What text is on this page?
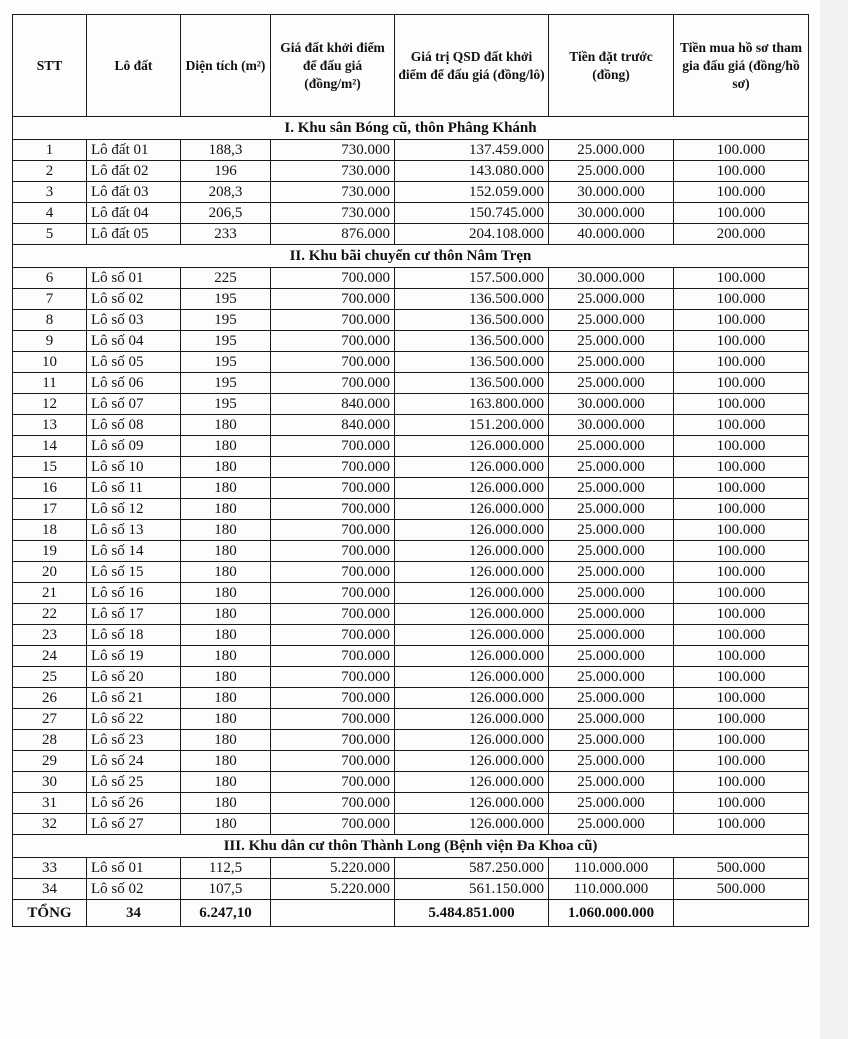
STT	Lô đất	Diện tích (m²)	Giá đất khởi điểm để đấu giá (đồng/m²)	Giá trị QSD đất khởi điểm để đấu giá (đồng/lô)	Tiền đặt trước (đồng)	Tiền mua hồ sơ tham gia đấu giá (đồng/hồ sơ)
I. Khu sân Bóng cũ, thôn Phâng Khánh						
1	Lô đất 01	188,3	730.000	137.459.000	25.000.000	100.000
2	Lô đất 02	196	730.000	143.080.000	25.000.000	100.000
3	Lô đất 03	208,3	730.000	152.059.000	30.000.000	100.000
4	Lô đất 04	206,5	730.000	150.745.000	30.000.000	100.000
5	Lô đất 05	233	876.000	204.108.000	40.000.000	200.000
II. Khu bãi chuyển cư thôn Nâm Trẹn						
6	Lô số 01	225	700.000	157.500.000	30.000.000	100.000
7	Lô số 02	195	700.000	136.500.000	25.000.000	100.000
8	Lô số 03	195	700.000	136.500.000	25.000.000	100.000
9	Lô số 04	195	700.000	136.500.000	25.000.000	100.000
10	Lô số 05	195	700.000	136.500.000	25.000.000	100.000
11	Lô số 06	195	700.000	136.500.000	25.000.000	100.000
12	Lô số 07	195	840.000	163.800.000	30.000.000	100.000
13	Lô số 08	180	840.000	151.200.000	30.000.000	100.000
14	Lô số 09	180	700.000	126.000.000	25.000.000	100.000
15	Lô số 10	180	700.000	126.000.000	25.000.000	100.000
16	Lô số 11	180	700.000	126.000.000	25.000.000	100.000
17	Lô số 12	180	700.000	126.000.000	25.000.000	100.000
18	Lô số 13	180	700.000	126.000.000	25.000.000	100.000
19	Lô số 14	180	700.000	126.000.000	25.000.000	100.000
20	Lô số 15	180	700.000	126.000.000	25.000.000	100.000
21	Lô số 16	180	700.000	126.000.000	25.000.000	100.000
22	Lô số 17	180	700.000	126.000.000	25.000.000	100.000
23	Lô số 18	180	700.000	126.000.000	25.000.000	100.000
24	Lô số 19	180	700.000	126.000.000	25.000.000	100.000
25	Lô số 20	180	700.000	126.000.000	25.000.000	100.000
26	Lô số 21	180	700.000	126.000.000	25.000.000	100.000
27	Lô số 22	180	700.000	126.000.000	25.000.000	100.000
28	Lô số 23	180	700.000	126.000.000	25.000.000	100.000
29	Lô số 24	180	700.000	126.000.000	25.000.000	100.000
30	Lô số 25	180	700.000	126.000.000	25.000.000	100.000
31	Lô số 26	180	700.000	126.000.000	25.000.000	100.000
32	Lô số 27	180	700.000	126.000.000	25.000.000	100.000
III. Khu dân cư thôn Thành Long (Bệnh viện Đa Khoa cũ)						
33	Lô số 01	112,5	5.220.000	587.250.000	110.000.000	500.000
34	Lô số 02	107,5	5.220.000	561.150.000	110.000.000	500.000
TỔNG	34	6.247,10		5.484.851.000	1.060.000.000	
